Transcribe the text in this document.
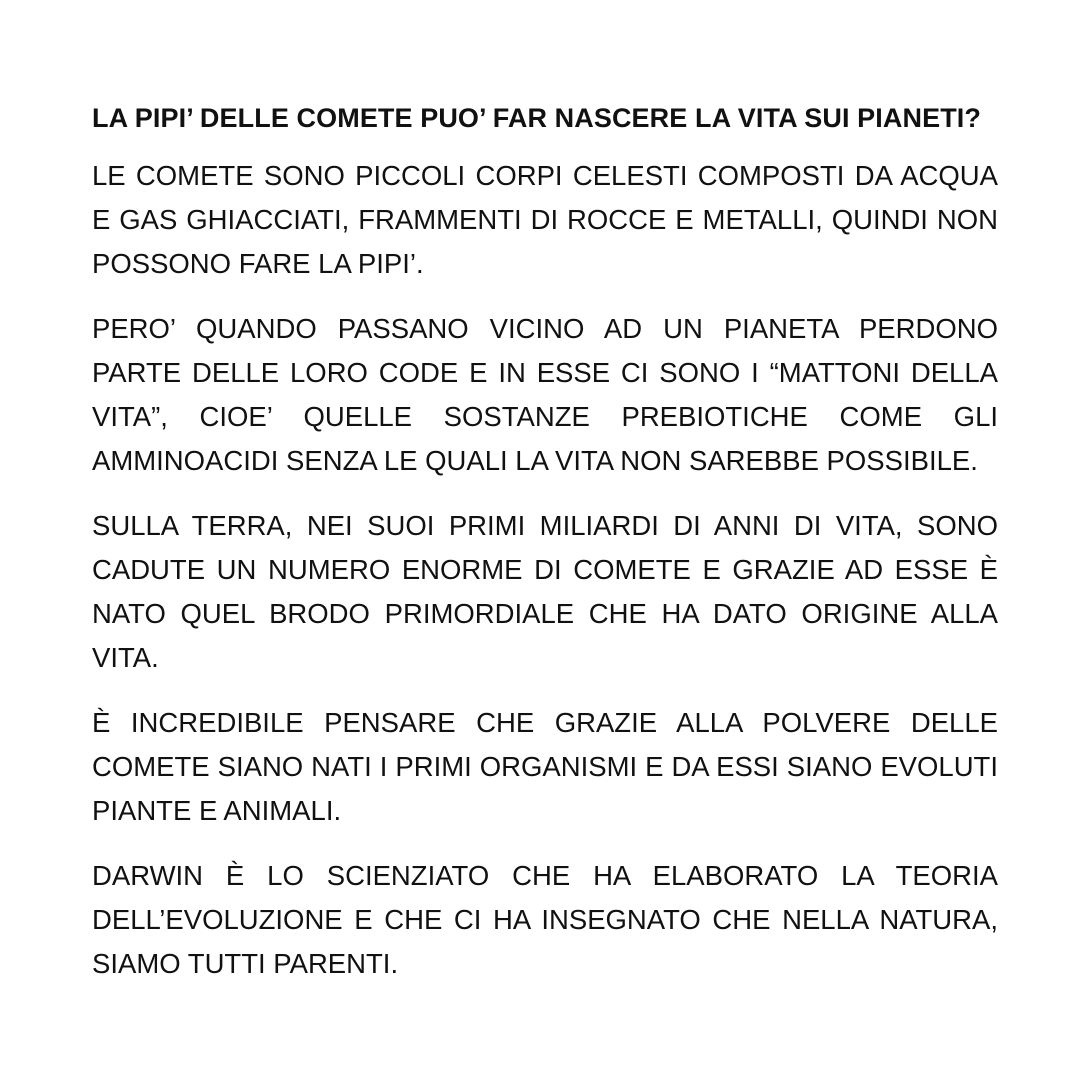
LA PIPI’ DELLE COMETE PUO’ FAR NASCERE LA VITA SUI PIANETI?

LE COMETE SONO PICCOLI CORPI CELESTI COMPOSTI DA ACQUA E GAS GHIACCIATI, FRAMMENTI DI ROCCE E METALLI, QUINDI NON POSSONO FARE LA PIPI’.

PERO’ QUANDO PASSANO VICINO AD UN PIANETA PERDONO PARTE DELLE LORO CODE E IN ESSE CI SONO I “MATTONI DELLA VITA”, CIOE’ QUELLE SOSTANZE PREBIOTICHE COME GLI AMMINOACIDI SENZA LE QUALI LA VITA NON SAREBBE POSSIBILE.

SULLA TERRA, NEI SUOI PRIMI MILIARDI DI ANNI DI VITA, SONO CADUTE UN NUMERO ENORME DI COMETE E GRAZIE AD ESSE È NATO QUEL BRODO PRIMORDIALE CHE HA DATO ORIGINE ALLA VITA.

È INCREDIBILE PENSARE CHE GRAZIE ALLA POLVERE DELLE COMETE SIANO NATI I PRIMI ORGANISMI E DA ESSI SIANO EVOLUTI PIANTE E ANIMALI.

DARWIN È LO SCIENZIATO CHE HA ELABORATO LA TEORIA DELL’EVOLUZIONE E CHE CI HA INSEGNATO CHE NELLA NATURA, SIAMO TUTTI PARENTI.
